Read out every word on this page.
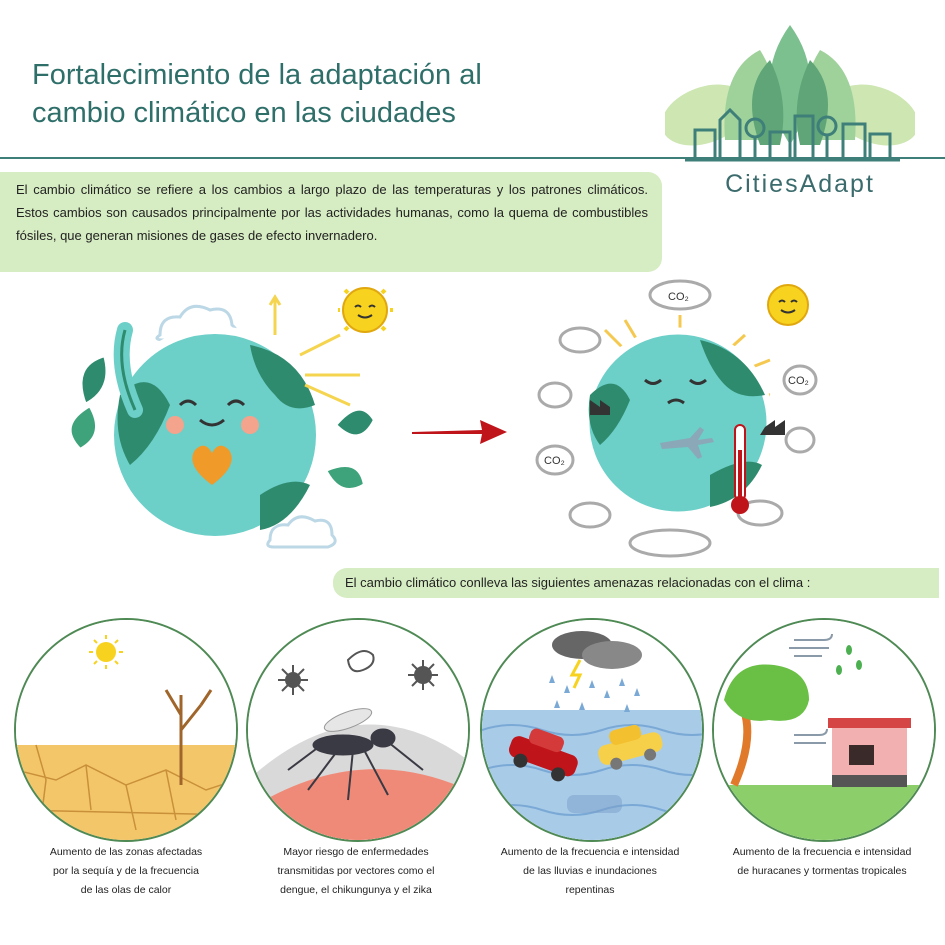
Fortalecimiento de la adaptación al
cambio climático en las ciudades
CitiesAdapt
El cambio climático se refiere a los cambios a largo plazo de las temperaturas y los patrones climáticos. Estos cambios son causados principalmente por las actividades humanas, como la quema de combustibles fósiles, que generan misiones de gases de efecto invernadero.
CO₂
CO₂
CO₂
El cambio climático conlleva las siguientes amenazas relacionadas con el clima :
Aumento de las zonas afectadas
por la sequía y de la frecuencia
de las olas de calor
Mayor riesgo de enfermedades
transmitidas por vectores como el
dengue, el chikungunya y el zika
Aumento de la frecuencia e intensidad
de las lluvias e inundaciones
repentinas
Aumento de la frecuencia e intensidad
de huracanes y tormentas tropicales
